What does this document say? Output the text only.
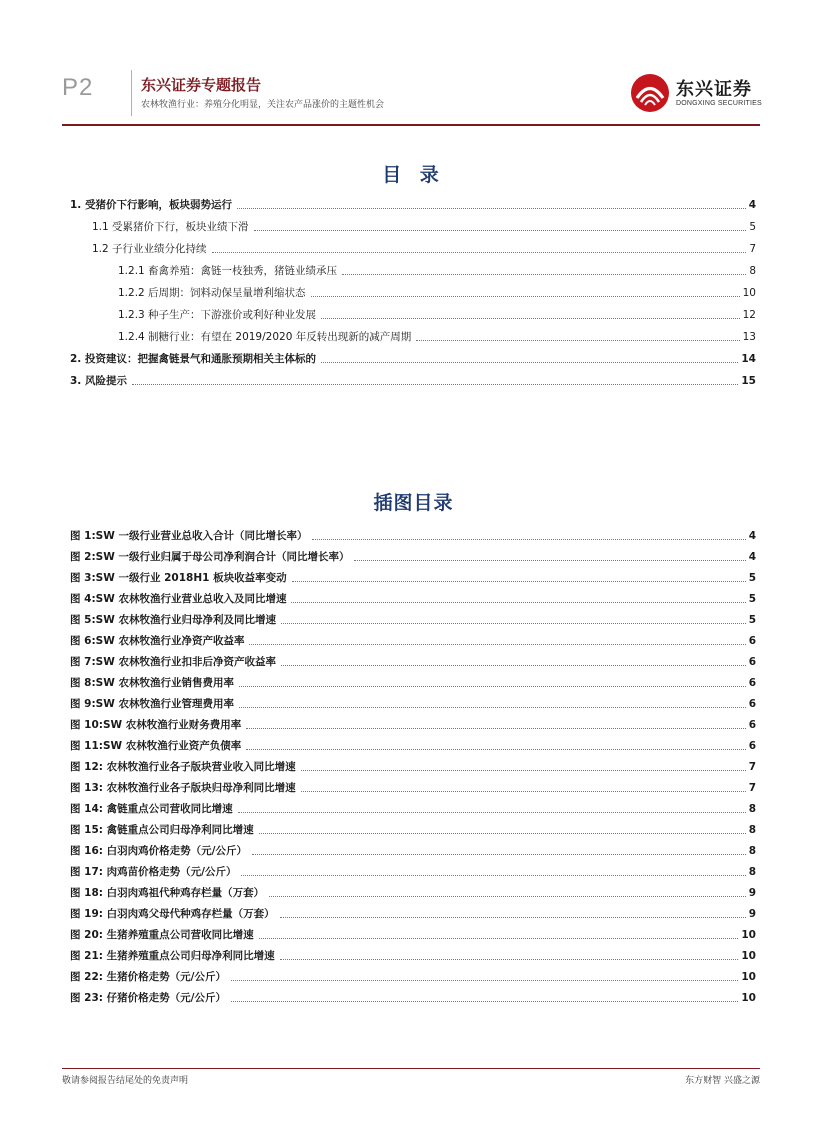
P2	东兴证券专题报告
农林牧渔行业：养殖分化明显，关注农产品涨价的主题性机会
东兴证券
DONGXING SECURITIES
目 录
1. 受猪价下行影响，板块弱势运行	4
1.1 受累猪价下行，板块业绩下滑	5
1.2 子行业业绩分化持续	7
1.2.1 畜禽养殖：禽链一枝独秀，猪链业绩承压	8
1.2.2 后周期：饲料动保呈量增利缩状态	10
1.2.3 种子生产：下游涨价或利好种业发展	12
1.2.4 制糖行业：有望在 2019/2020 年反转出现新的减产周期	13
2. 投资建议：把握禽链景气和通胀预期相关主体标的	14
3. 风险提示	15
插图目录
图 1:SW 一级行业营业总收入合计（同比增长率）	4
图 2:SW 一级行业归属于母公司净利润合计（同比增长率）	4
图 3:SW 一级行业 2018H1 板块收益率变动	5
图 4:SW 农林牧渔行业营业总收入及同比增速	5
图 5:SW 农林牧渔行业归母净利及同比增速	5
图 6:SW 农林牧渔行业净资产收益率	6
图 7:SW 农林牧渔行业扣非后净资产收益率	6
图 8:SW 农林牧渔行业销售费用率	6
图 9:SW 农林牧渔行业管理费用率	6
图 10:SW 农林牧渔行业财务费用率	6
图 11:SW 农林牧渔行业资产负债率	6
图 12: 农林牧渔行业各子版块营业收入同比增速	7
图 13: 农林牧渔行业各子版块归母净利同比增速	7
图 14: 禽链重点公司营收同比增速	8
图 15: 禽链重点公司归母净利同比增速	8
图 16: 白羽肉鸡价格走势（元/公斤）	8
图 17: 肉鸡苗价格走势（元/公斤）	8
图 18: 白羽肉鸡祖代种鸡存栏量（万套）	9
图 19: 白羽肉鸡父母代种鸡存栏量（万套）	9
图 20: 生猪养殖重点公司营收同比增速	10
图 21: 生猪养殖重点公司归母净利同比增速	10
图 22: 生猪价格走势（元/公斤）	10
图 23: 仔猪价格走势（元/公斤）	10
敬请参阅报告结尾处的免责声明	东方财智 兴盛之源
